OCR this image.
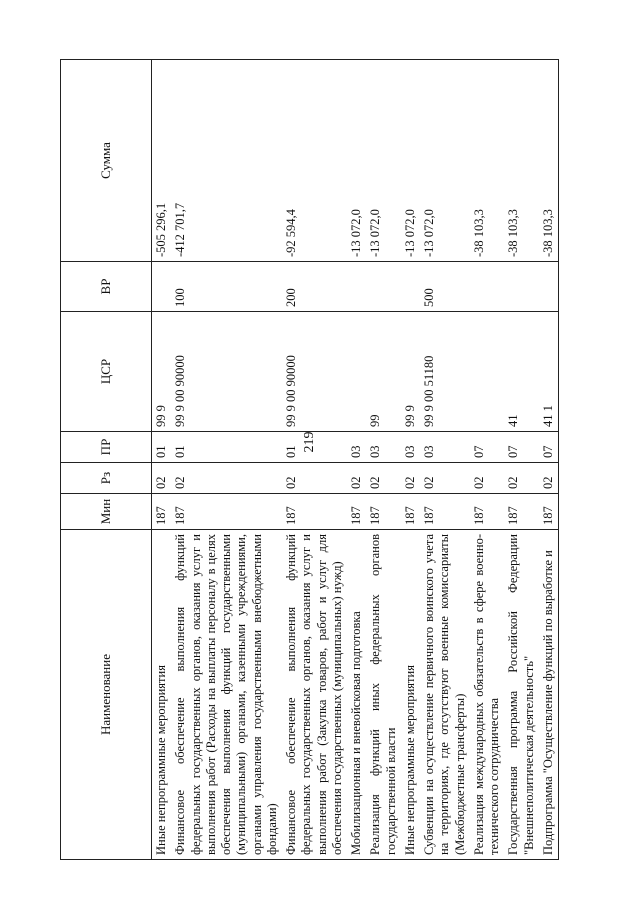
219
Наименование	Мин	Рз	ПР	ЦСР	ВР	Сумма
Иные непрограммные мероприятия	187	02	01	99 9		-505 296,1
Финансовое обеспечение выполнения функций федеральных государственных органов, оказания услуг и выполнения работ (Расходы на выплаты персоналу в целях обеспечения выполнения функций государственными (муниципальными) органами, казенными учреждениями, органами управления государственными внебюджетными фондами)	187	02	01	99 9 00 90000	100	-412 701,7
Финансовое обеспечение выполнения функций федеральных государственных органов, оказания услуг и выполнения работ (Закупка товаров, работ и услуг для обеспечения государственных (муниципальных) нужд)	187	02	01	99 9 00 90000	200	-92 594,4
Мобилизационная и вневойсковая подготовка	187	02	03			-13 072,0
Реализация функций иных федеральных органов государственной власти	187	02	03	99		-13 072,0
Иные непрограммные мероприятия	187	02	03	99 9		-13 072,0
Субвенции на осуществление первичного воинского учета на территориях, где отсутствуют военные комиссариаты (Межбюджетные трансферты)	187	02	03	99 9 00 51180	500	-13 072,0
Реализация международных обязательств в сфере военно-технического сотрудничества	187	02	07			-38 103,3
Государственная программа Российской Федерации "Внешнеполитическая деятельность"	187	02	07	41		-38 103,3
Подпрограмма "Осуществление функций по выработке и	187	02	07	41 1		-38 103,3
